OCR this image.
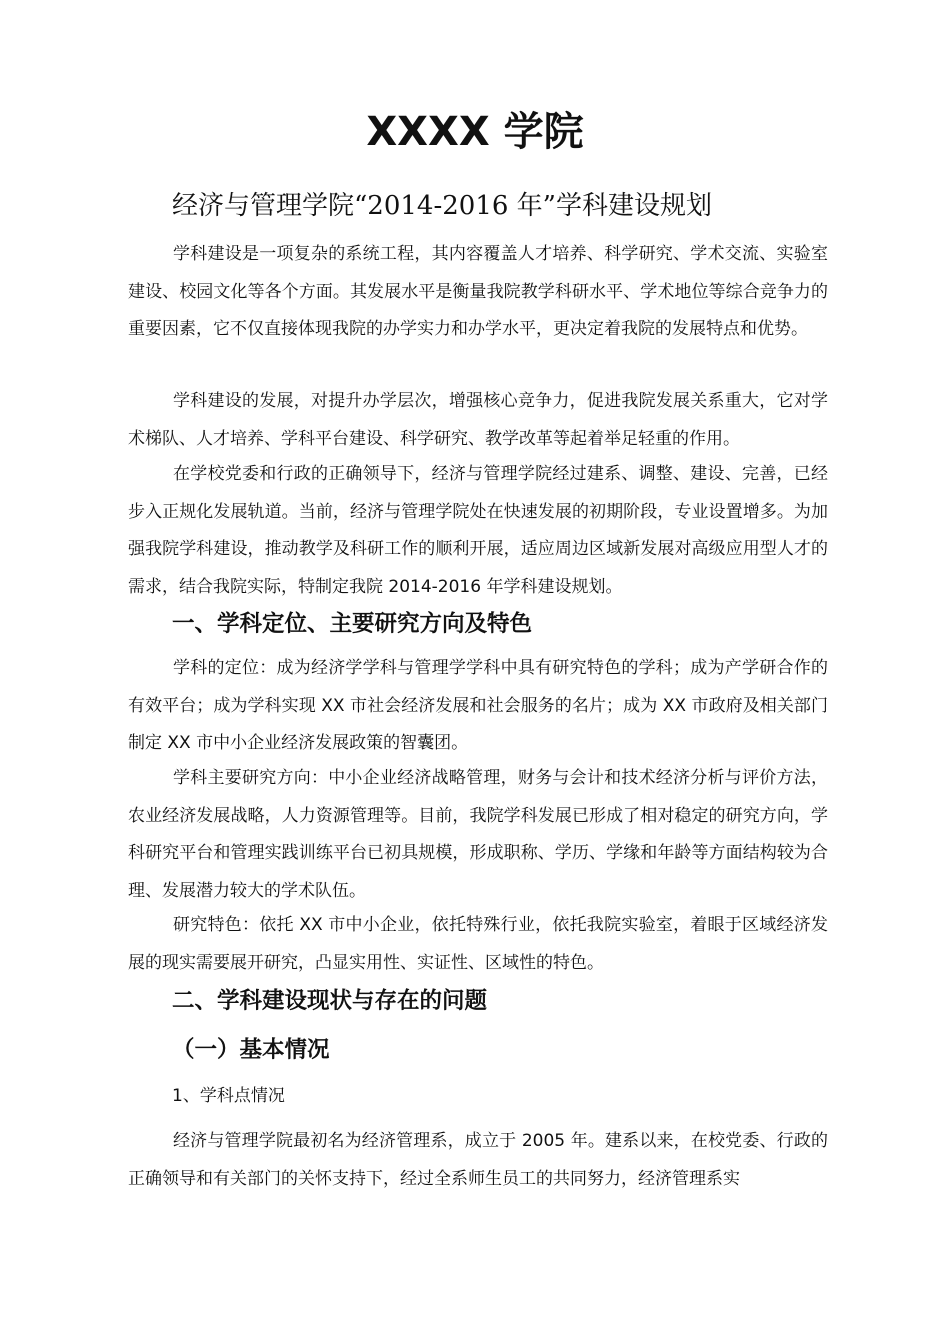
XXXX 学院
经济与管理学院“2014-2016 年”学科建设规划

学科建设是一项复杂的系统工程，其内容覆盖人才培养、科学研究、学术交流、实验室建设、校园文化等各个方面。其发展水平是衡量我院教学科研水平、学术地位等综合竞争力的重要因素，它不仅直接体现我院的办学实力和办学水平，更决定着我院的发展特点和优势。

学科建设的发展，对提升办学层次，增强核心竞争力，促进我院发展关系重大，它对学术梯队、人才培养、学科平台建设、科学研究、教学改革等起着举足轻重的作用。

在学校党委和行政的正确领导下，经济与管理学院经过建系、调整、建设、完善，已经步入正规化发展轨道。当前，经济与管理学院处在快速发展的初期阶段，专业设置增多。为加强我院学科建设，推动教学及科研工作的顺利开展，适应周边区域新发展对高级应用型人才的需求，结合我院实际，特制定我院 2014-2016 年学科建设规划。

一、学科定位、主要研究方向及特色

学科的定位：成为经济学学科与管理学学科中具有研究特色的学科；成为产学研合作的有效平台；成为学科实现 XX 市社会经济发展和社会服务的名片；成为 XX 市政府及相关部门制定 XX 市中小企业经济发展政策的智囊团。

学科主要研究方向：中小企业经济战略管理，财务与会计和技术经济分析与评价方法，农业经济发展战略，人力资源管理等。目前，我院学科发展已形成了相对稳定的研究方向，学科研究平台和管理实践训练平台已初具规模，形成职称、学历、学缘和年龄等方面结构较为合理、发展潜力较大的学术队伍。

研究特色：依托 XX 市中小企业，依托特殊行业，依托我院实验室，着眼于区域经济发展的现实需要展开研究，凸显实用性、实证性、区域性的特色。

二、学科建设现状与存在的问题
（一）基本情况
1、学科点情况

经济与管理学院最初名为经济管理系，成立于 2005 年。建系以来，在校党委、行政的正确领导和有关部门的关怀支持下，经过全系师生员工的共同努力，经济管理系实
